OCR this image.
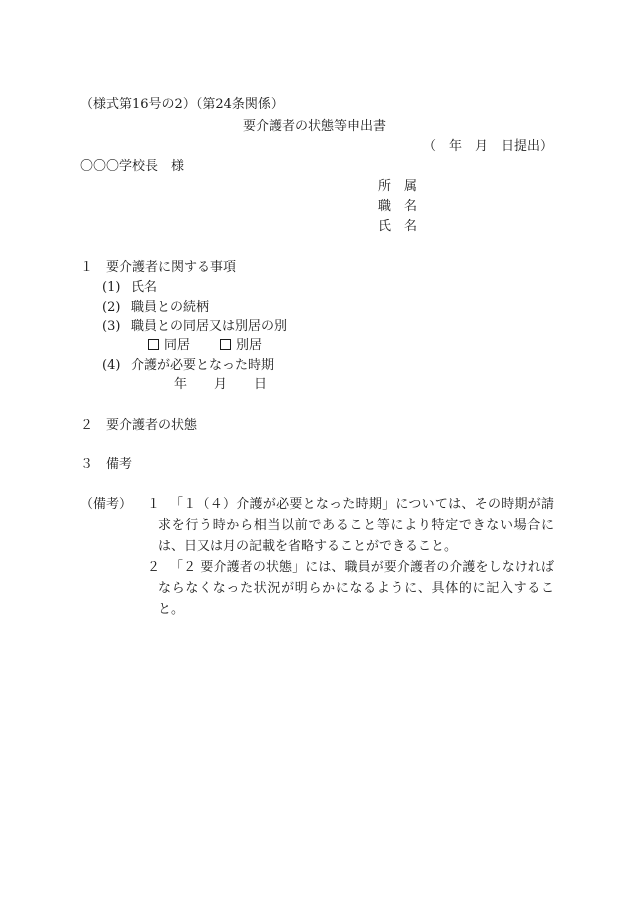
（様式第16号の2）（第24条関係）
要介護者の状態等申出書
（　年　月　日提出）
〇〇〇学校長　様
所　属
職　名
氏　名
１　要介護者に関する事項
(1) 氏名
(2) 職員との続柄
(3) 職員との同居又は別居の別
同居	別居
(4) 介護が必要となった時期
年 月 日
２　要介護者の状態
３　備考
（備考） １ 「１（４）介護が必要となった時期」については、その時期が請求を行う時から相当以前であること等により特定できない場合には、日又は月の記載を省略することができること。
２ 「２ 要介護者の状態」には、職員が要介護者の介護をしなければならなくなった状況が明らかになるように、具体的に記入すること。
